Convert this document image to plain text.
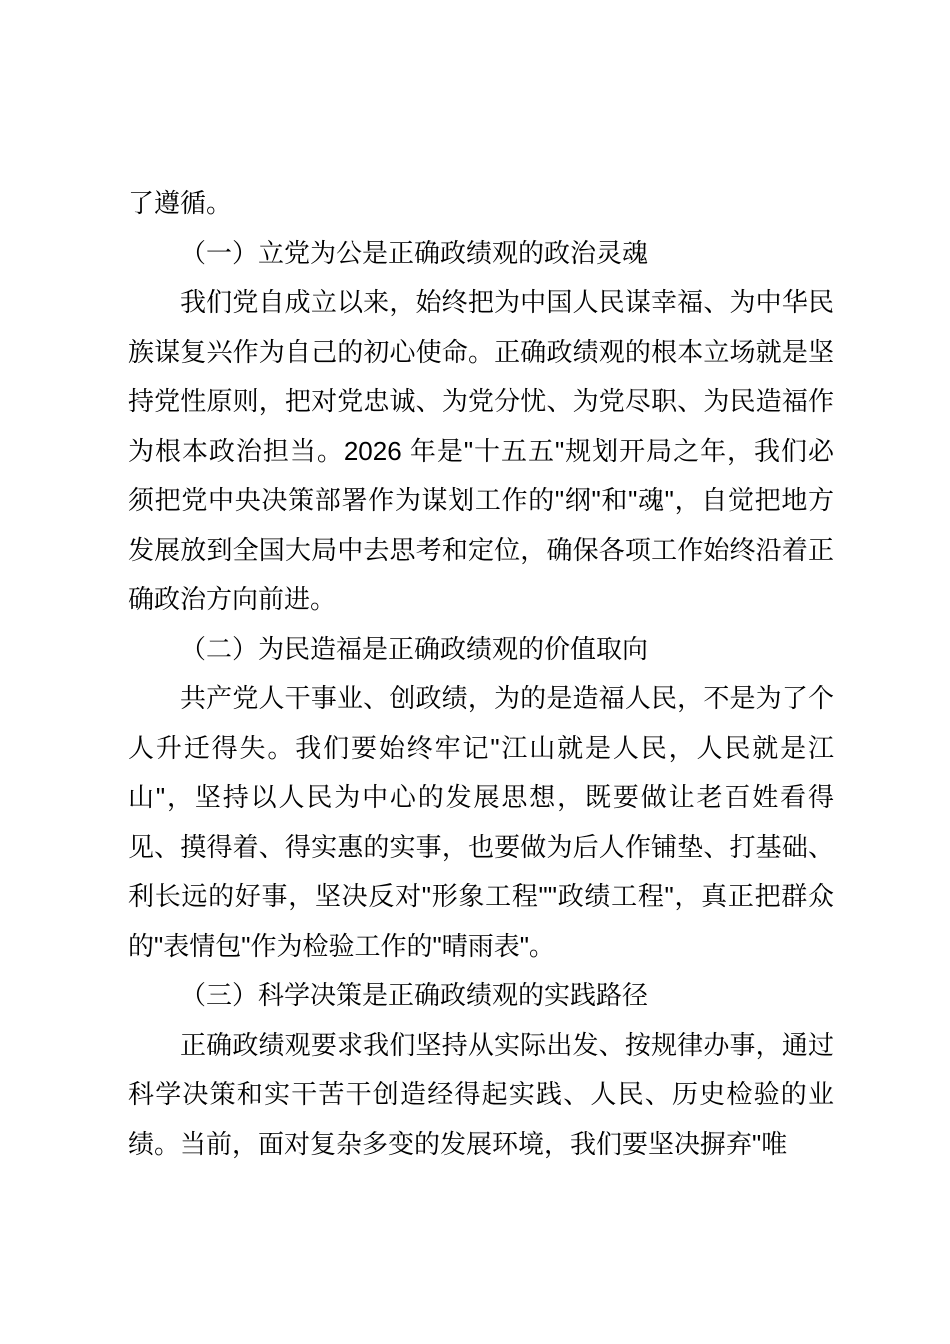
了遵循。

（一）立党为公是正确政绩观的政治灵魂

我们党自成立以来，始终把为中国人民谋幸福、为中华民族谋复兴作为自己的初心使命。正确政绩观的根本立场就是坚持党性原则，把对党忠诚、为党分忧、为党尽职、为民造福作为根本政治担当。2026 年是"十五五"规划开局之年，我们必须把党中央决策部署作为谋划工作的"纲"和"魂"，自觉把地方发展放到全国大局中去思考和定位，确保各项工作始终沿着正确政治方向前进。

（二）为民造福是正确政绩观的价值取向

共产党人干事业、创政绩，为的是造福人民，不是为了个人升迁得失。我们要始终牢记"江山就是人民，人民就是江山"，坚持以人民为中心的发展思想，既要做让老百姓看得见、摸得着、得实惠的实事，也要做为后人作铺垫、打基础、利长远的好事，坚决反对"形象工程""政绩工程"，真正把群众的"表情包"作为检验工作的"晴雨表"。

（三）科学决策是正确政绩观的实践路径

正确政绩观要求我们坚持从实际出发、按规律办事，通过科学决策和实干苦干创造经得起实践、人民、历史检验的业绩。当前，面对复杂多变的发展环境，我们要坚决摒弃"唯
